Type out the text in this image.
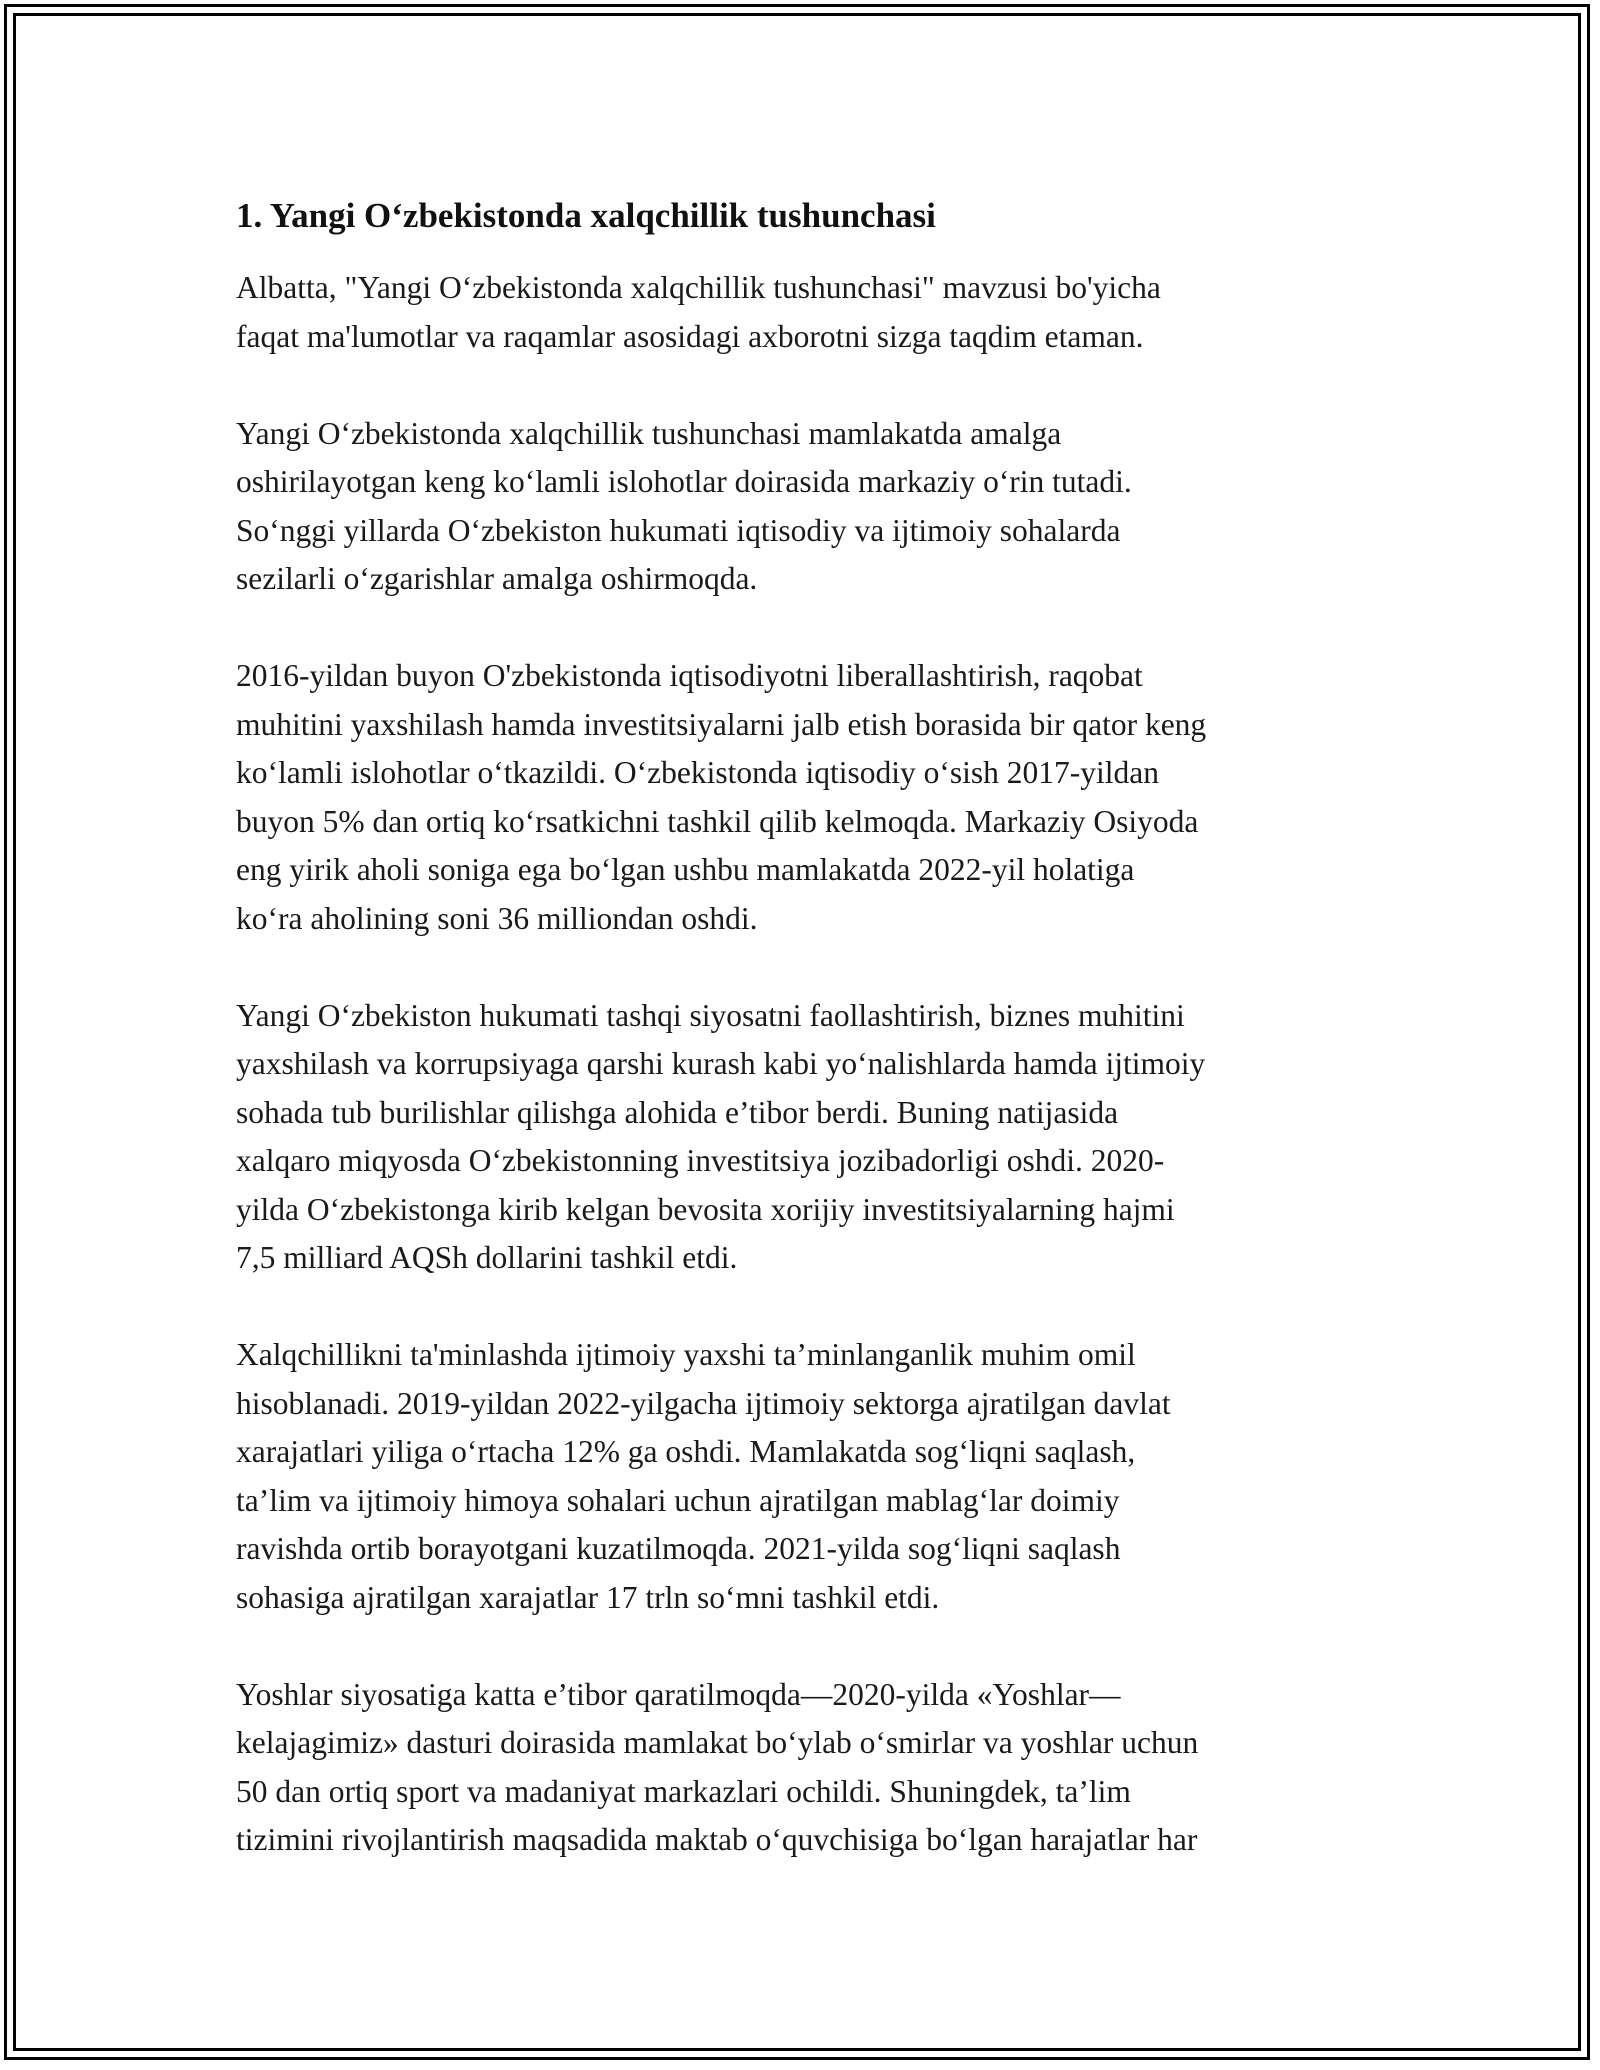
1. Yangi O‘zbekistonda xalqchillik tushunchasi
Albatta, "Yangi O‘zbekistonda xalqchillik tushunchasi" mavzusi bo'yicha
faqat ma'lumotlar va raqamlar asosidagi axborotni sizga taqdim etaman.
Yangi O‘zbekistonda xalqchillik tushunchasi mamlakatda amalga
oshirilayotgan keng ko‘lamli islohotlar doirasida markaziy o‘rin tutadi.
So‘nggi yillarda O‘zbekiston hukumati iqtisodiy va ijtimoiy sohalarda
sezilarli o‘zgarishlar amalga oshirmoqda.
2016-yildan buyon O'zbekistonda iqtisodiyotni liberallashtirish, raqobat
muhitini yaxshilash hamda investitsiyalarni jalb etish borasida bir qator keng
ko‘lamli islohotlar o‘tkazildi. O‘zbekistonda iqtisodiy o‘sish 2017-yildan
buyon 5% dan ortiq ko‘rsatkichni tashkil qilib kelmoqda. Markaziy Osiyoda
eng yirik aholi soniga ega bo‘lgan ushbu mamlakatda 2022-yil holatiga
ko‘ra aholining soni 36 milliondan oshdi.
Yangi O‘zbekiston hukumati tashqi siyosatni faollashtirish, biznes muhitini
yaxshilash va korrupsiyaga qarshi kurash kabi yo‘nalishlarda hamda ijtimoiy
sohada tub burilishlar qilishga alohida e’tibor berdi. Buning natijasida
xalqaro miqyosda O‘zbekistonning investitsiya jozibadorligi oshdi. 2020-
yilda O‘zbekistonga kirib kelgan bevosita xorijiy investitsiyalarning hajmi
7,5 milliard AQSh dollarini tashkil etdi.
Xalqchillikni ta'minlashda ijtimoiy yaxshi ta’minlanganlik muhim omil
hisoblanadi. 2019-yildan 2022-yilgacha ijtimoiy sektorga ajratilgan davlat
xarajatlari yiliga o‘rtacha 12% ga oshdi. Mamlakatda sog‘liqni saqlash,
ta’lim va ijtimoiy himoya sohalari uchun ajratilgan mablag‘lar doimiy
ravishda ortib borayotgani kuzatilmoqda. 2021-yilda sog‘liqni saqlash
sohasiga ajratilgan xarajatlar 17 trln so‘mni tashkil etdi.
Yoshlar siyosatiga katta e’tibor qaratilmoqda—2020-yilda «Yoshlar—
kelajagimiz» dasturi doirasida mamlakat bo‘ylab o‘smirlar va yoshlar uchun
50 dan ortiq sport va madaniyat markazlari ochildi. Shuningdek, ta’lim
tizimini rivojlantirish maqsadida maktab o‘quvchisiga bo‘lgan harajatlar har
